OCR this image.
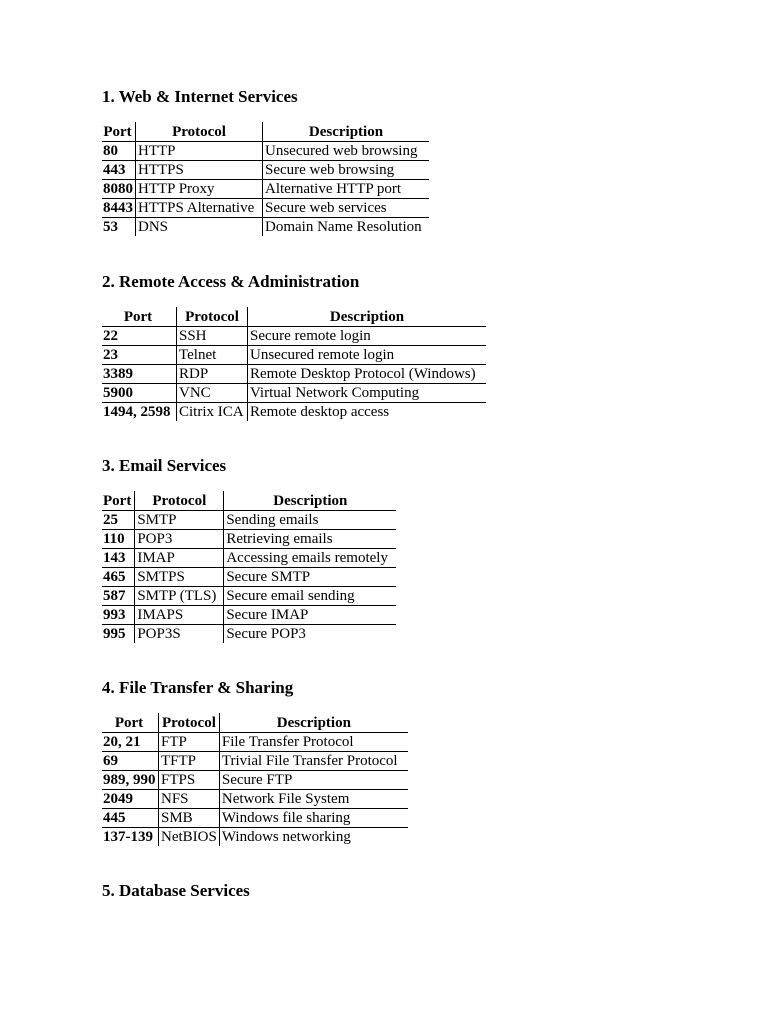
1. Web & Internet Services
Port	Protocol	Description
80	HTTP	Unsecured web browsing
443	HTTPS	Secure web browsing
8080	HTTP Proxy	Alternative HTTP port
8443	HTTPS Alternative	Secure web services
53	DNS	Domain Name Resolution
2. Remote Access & Administration
Port	Protocol	Description
22	SSH	Secure remote login
23	Telnet	Unsecured remote login
3389	RDP	Remote Desktop Protocol (Windows)
5900	VNC	Virtual Network Computing
1494, 2598	Citrix ICA	Remote desktop access
3. Email Services
Port	Protocol	Description
25	SMTP	Sending emails
110	POP3	Retrieving emails
143	IMAP	Accessing emails remotely
465	SMTPS	Secure SMTP
587	SMTP (TLS)	Secure email sending
993	IMAPS	Secure IMAP
995	POP3S	Secure POP3
4. File Transfer & Sharing
Port	Protocol	Description
20, 21	FTP	File Transfer Protocol
69	TFTP	Trivial File Transfer Protocol
989, 990	FTPS	Secure FTP
2049	NFS	Network File System
445	SMB	Windows file sharing
137-139	NetBIOS	Windows networking
5. Database Services
